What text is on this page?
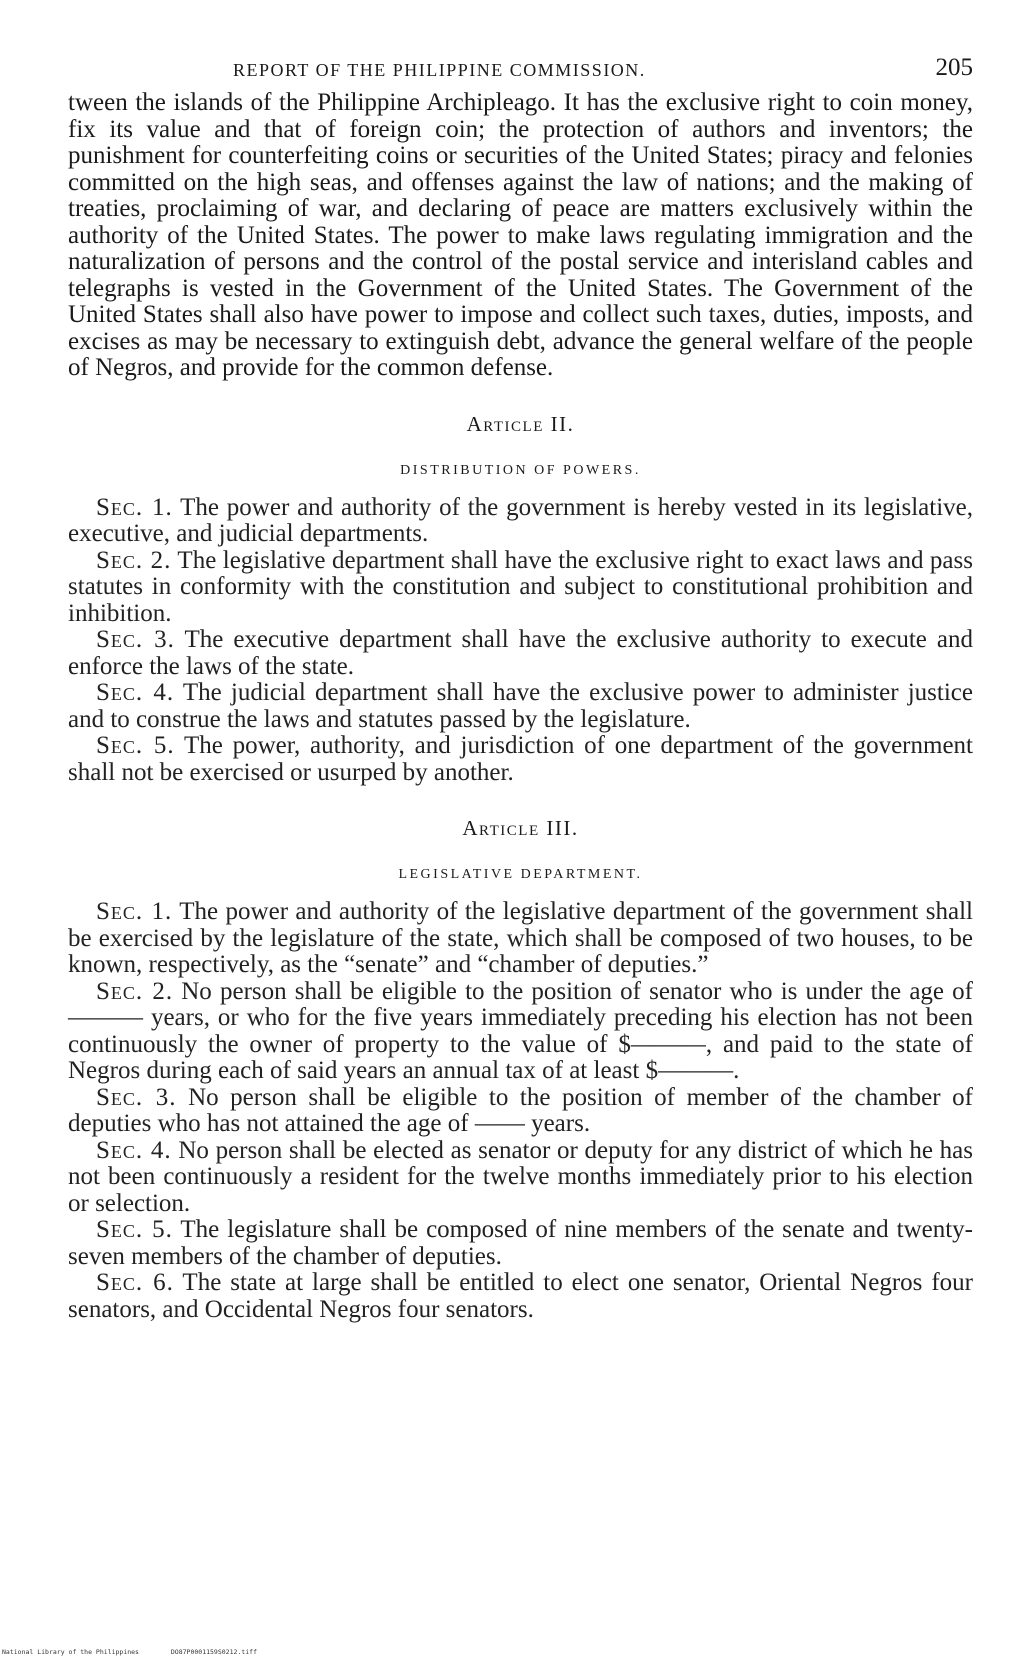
REPORT OF THE PHILIPPINE COMMISSION.	205

tween the islands of the Philippine Archipleago. It has the exclusive right to coin money, fix its value and that of foreign coin; the protection of authors and inventors; the punishment for counterfeiting coins or securities of the United States; piracy and felonies committed on the high seas, and offenses against the law of nations; and the making of treaties, proclaiming of war, and declaring of peace are matters exclusively within the authority of the United States. The power to make laws regulating immigration and the naturalization of persons and the control of the postal service and interisland cables and telegraphs is vested in the Government of the United States. The Government of the United States shall also have power to impose and collect such taxes, duties, imposts, and excises as may be necessary to extinguish debt, advance the general welfare of the people of Negros, and provide for the common defense.

Article II.

DISTRIBUTION OF POWERS.

Sec. 1. The power and authority of the government is hereby vested in its legislative, executive, and judicial departments.

Sec. 2. The legislative department shall have the exclusive right to exact laws and pass statutes in conformity with the constitution and subject to constitutional prohibition and inhibition.

Sec. 3. The executive department shall have the exclusive authority to execute and enforce the laws of the state.

Sec. 4. The judicial department shall have the exclusive power to administer justice and to construe the laws and statutes passed by the legislature.

Sec. 5. The power, authority, and jurisdiction of one department of the government shall not be exercised or usurped by another.

Article III.

LEGISLATIVE DEPARTMENT.

Sec. 1. The power and authority of the legislative department of the government shall be exercised by the legislature of the state, which shall be composed of two houses, to be known, respectively, as the “senate” and “chamber of deputies.”

Sec. 2. No person shall be eligible to the position of senator who is under the age of ——— years, or who for the five years immediately preceding his election has not been continuously the owner of property to the value of $———, and paid to the state of Negros during each of said years an annual tax of at least $———.

Sec. 3. No person shall be eligible to the position of member of the chamber of deputies who has not attained the age of —— years.

Sec. 4. No person shall be elected as senator or deputy for any district of which he has not been continuously a resident for the twelve months immediately prior to his election or selection.

Sec. 5. The legislature shall be composed of nine members of the senate and twenty-seven members of the chamber of deputies.

Sec. 6. The state at large shall be entitled to elect one senator, Oriental Negros four senators, and Occidental Negros four senators.

National Library of the Philippines	DO87P0001159S0212.tiff
